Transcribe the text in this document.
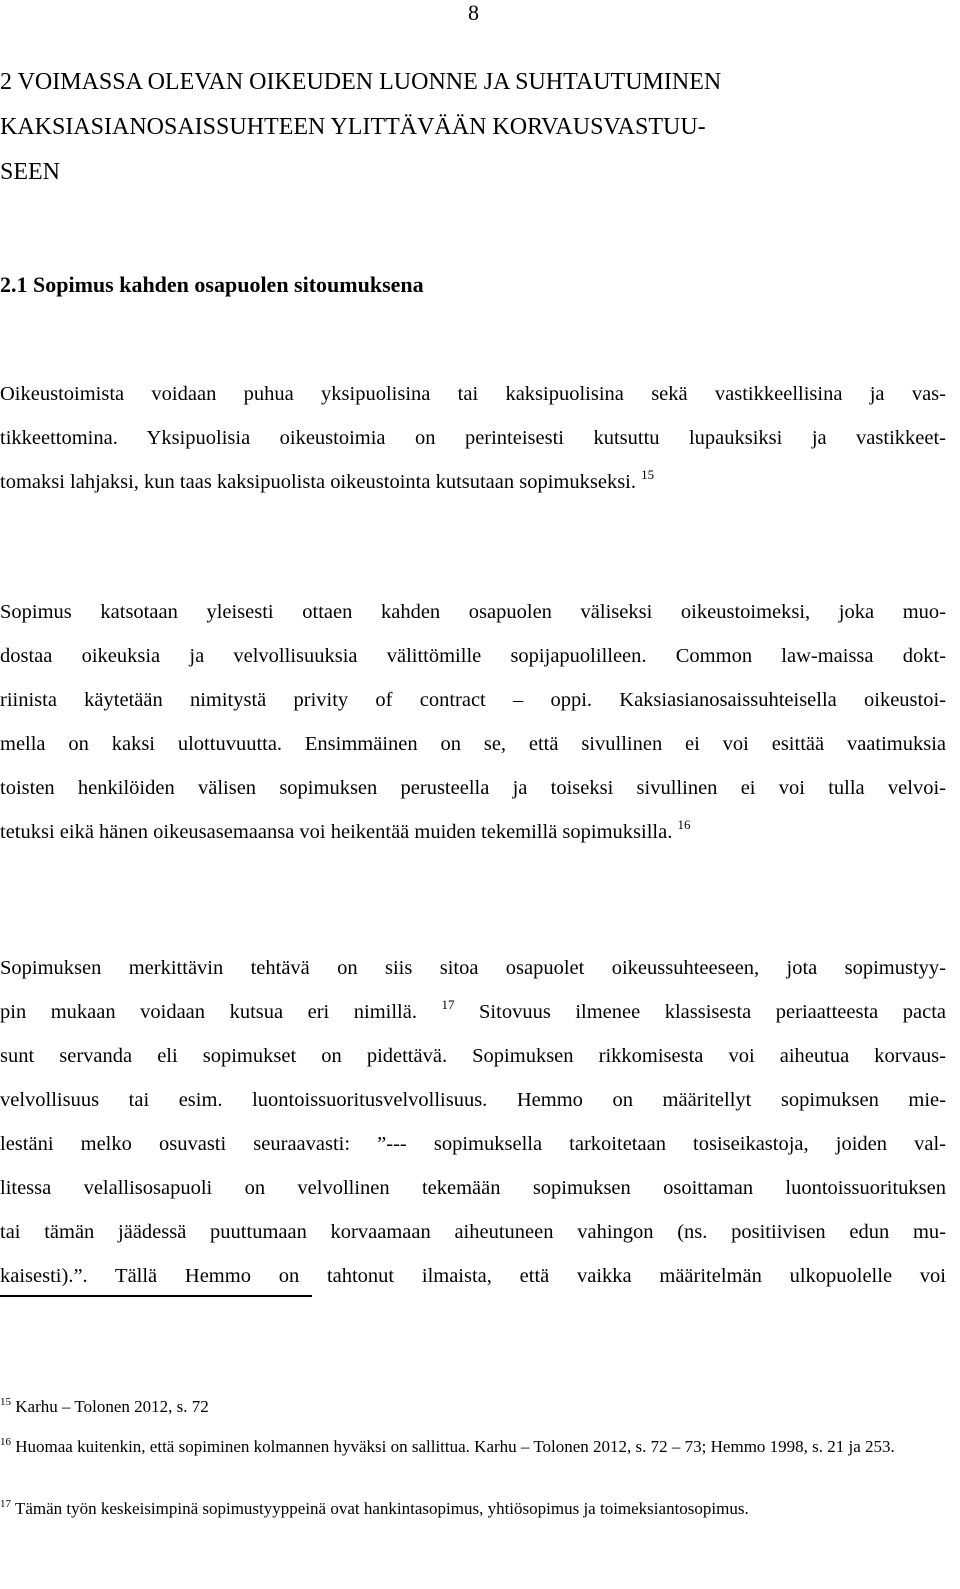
8
2 VOIMASSA OLEVAN OIKEUDEN LUONNE JA SUHTAUTUMINEN
KAKSIASIANOSAISSUHTEEN YLITTÄVÄÄN KORVAUSVASTUU-
SEEN
2.1 Sopimus kahden osapuolen sitoumuksena

Oikeustoimista voidaan puhua yksipuolisina tai kaksipuolisina sekä vastikkeellisina ja vas-
tikkeettomina. Yksipuolisia oikeustoimia on perinteisesti kutsuttu lupauksiksi ja vastikkeet-
tomaksi lahjaksi, kun taas kaksipuolista oikeustointa kutsutaan sopimukseksi. $^{15}$

Sopimus katsotaan yleisesti ottaen kahden osapuolen väliseksi oikeustoimeksi, joka muo-
dostaa oikeuksia ja velvollisuuksia välittömille sopijapuolilleen. Common law-maissa dokt-
riinista käytetään nimitystä privity of contract – oppi. Kaksiasianosaissuhteisella oikeustoi-
mella on kaksi ulottuvuutta. Ensimmäinen on se, että sivullinen ei voi esittää vaatimuksia
toisten henkilöiden välisen sopimuksen perusteella ja toiseksi sivullinen ei voi tulla velvoi-
tetuksi eikä hänen oikeusasemaansa voi heikentää muiden tekemillä sopimuksilla. $^{16}$

Sopimuksen merkittävin tehtävä on siis sitoa osapuolet oikeussuhteeseen, jota sopimustyy-
pin mukaan voidaan kutsua eri nimillä. $^{17}$ Sitovuus ilmenee klassisesta periaatteesta pacta
sunt servanda eli sopimukset on pidettävä. Sopimuksen rikkomisesta voi aiheutua korvaus-
velvollisuus tai esim. luontoissuoritusvelvollisuus. Hemmo on määritellyt sopimuksen mie-
lestäni melko osuvasti seuraavasti: ”--- sopimuksella tarkoitetaan tosiseikastoja, joiden val-
litessa velallisosapuoli on velvollinen tekemään sopimuksen osoittaman luontoissuorituksen
tai tämän jäädessä puuttumaan korvaamaan aiheutuneen vahingon (ns. positiivisen edun mu-
kaisesti).”. Tällä Hemmo on tahtonut ilmaista, että vaikka määritelmän ulkopuolelle voi

$^{15}$ Karhu – Tolonen 2012, s. 72

$^{16}$ Huomaa kuitenkin, että sopiminen kolmannen hyväksi on sallittua. Karhu – Tolonen 2012, s. 72 – 73; Hemmo 1998, s. 21 ja 253.

$^{17}$ Tämän työn keskeisimpinä sopimustyyppeinä ovat hankintasopimus, yhtiösopimus ja toimeksiantosopimus.
